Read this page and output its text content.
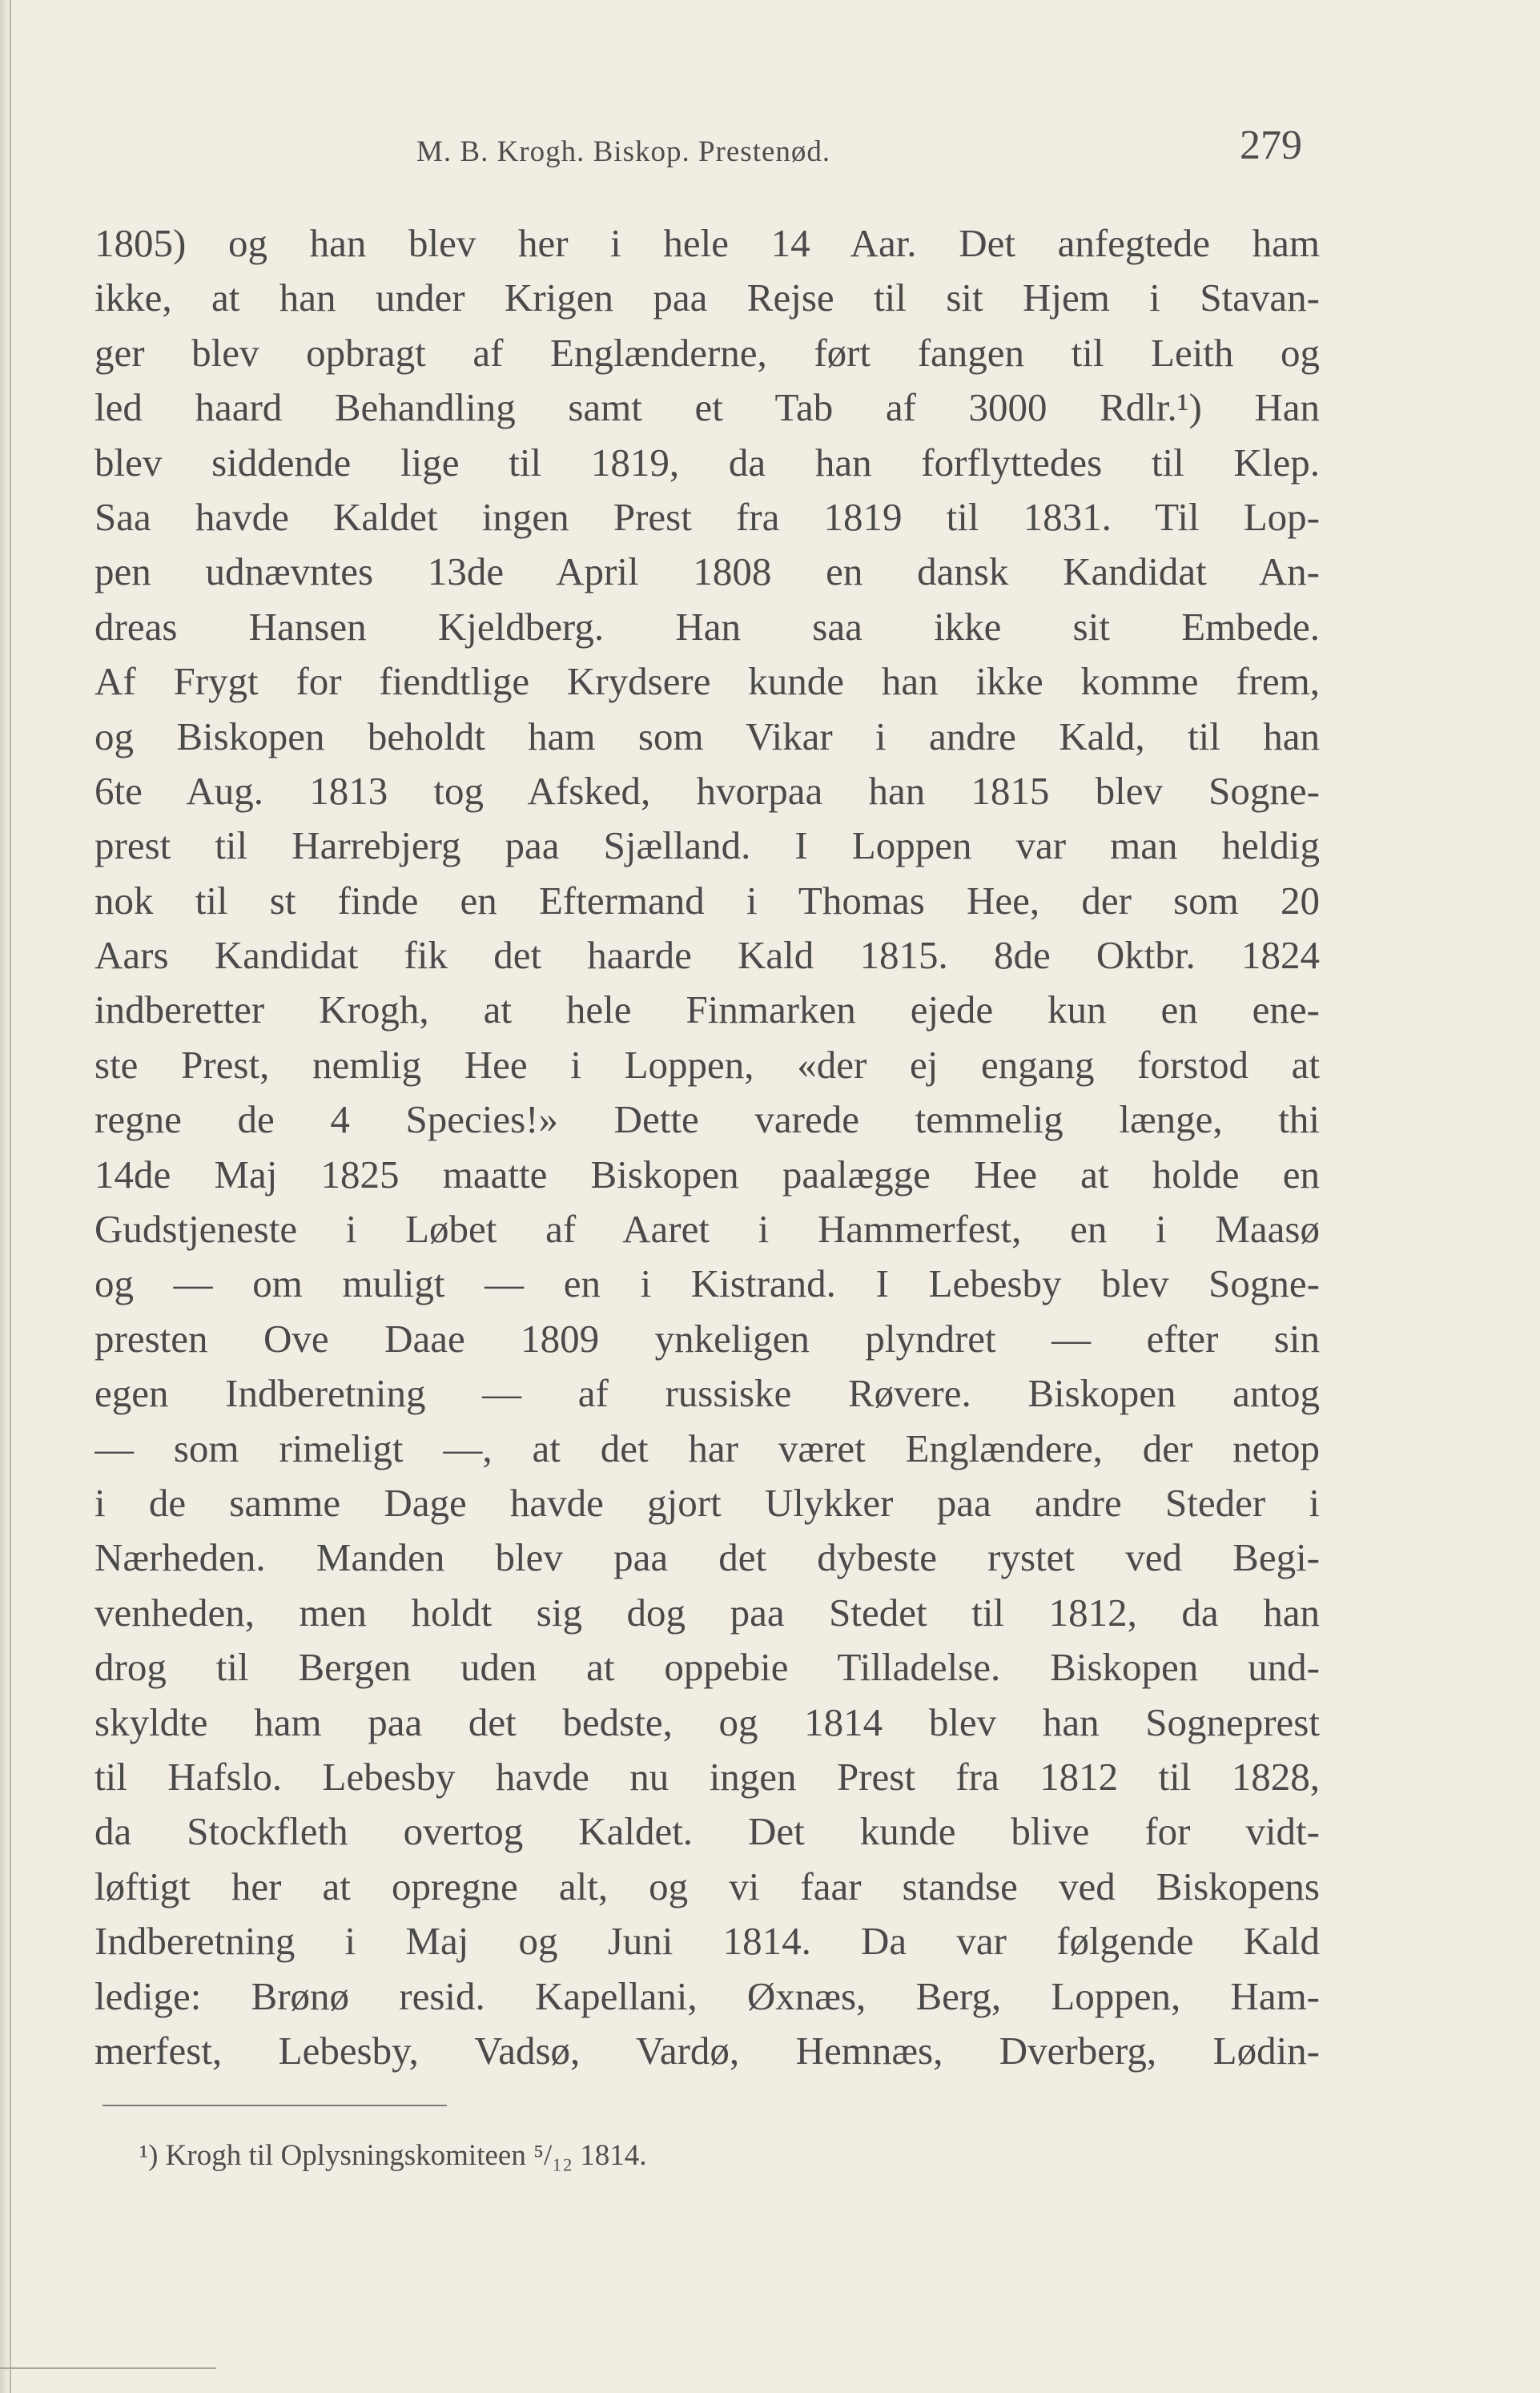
M. B. Krogh. Biskop. Prestenød.	279
1805) og han blev her i hele 14 Aar. Det anfegtede ham
ikke, at han under Krigen paa Rejse til sit Hjem i Stavan-
ger blev opbragt af Englænderne, ført fangen til Leith og
led haard Behandling samt et Tab af 3000 Rdlr.¹) Han
blev siddende lige til 1819, da han forflyttedes til Klep.
Saa havde Kaldet ingen Prest fra 1819 til 1831. Til Lop-
pen udnævntes 13de April 1808 en dansk Kandidat An-
dreas Hansen Kjeldberg. Han saa ikke sit Embede.
Af Frygt for fiendtlige Krydsere kunde han ikke komme frem,
og Biskopen beholdt ham som Vikar i andre Kald, til han
6te Aug. 1813 tog Afsked, hvorpaa han 1815 blev Sogne-
prest til Harrebjerg paa Sjælland. I Loppen var man heldig
nok til st finde en Eftermand i Thomas Hee, der som 20
Aars Kandidat fik det haarde Kald 1815. 8de Oktbr. 1824
indberetter Krogh, at hele Finmarken ejede kun en ene-
ste Prest, nemlig Hee i Loppen, «der ej engang forstod at
regne de 4 Species!» Dette varede temmelig længe, thi
14de Maj 1825 maatte Biskopen paalægge Hee at holde en
Gudstjeneste i Løbet af Aaret i Hammerfest, en i Maasø
og — om muligt — en i Kistrand. I Lebesby blev Sogne-
presten Ove Daae 1809 ynkeligen plyndret — efter sin
egen Indberetning — af russiske Røvere. Biskopen antog
— som rimeligt —, at det har været Englændere, der netop
i de samme Dage havde gjort Ulykker paa andre Steder i
Nærheden. Manden blev paa det dybeste rystet ved Begi-
venheden, men holdt sig dog paa Stedet til 1812, da han
drog til Bergen uden at oppebie Tilladelse. Biskopen und-
skyldte ham paa det bedste, og 1814 blev han Sogneprest
til Hafslo. Lebesby havde nu ingen Prest fra 1812 til 1828,
da Stockfleth overtog Kaldet. Det kunde blive for vidt-
løftigt her at opregne alt, og vi faar standse ved Biskopens
Indberetning i Maj og Juni 1814. Da var følgende Kald
ledige: Brønø resid. Kapellani, Øxnæs, Berg, Loppen, Ham-
merfest, Lebesby, Vadsø, Vardø, Hemnæs, Dverberg, Lødin-
¹) Krogh til Oplysningskomiteen ⁵/₁₂ 1814.
